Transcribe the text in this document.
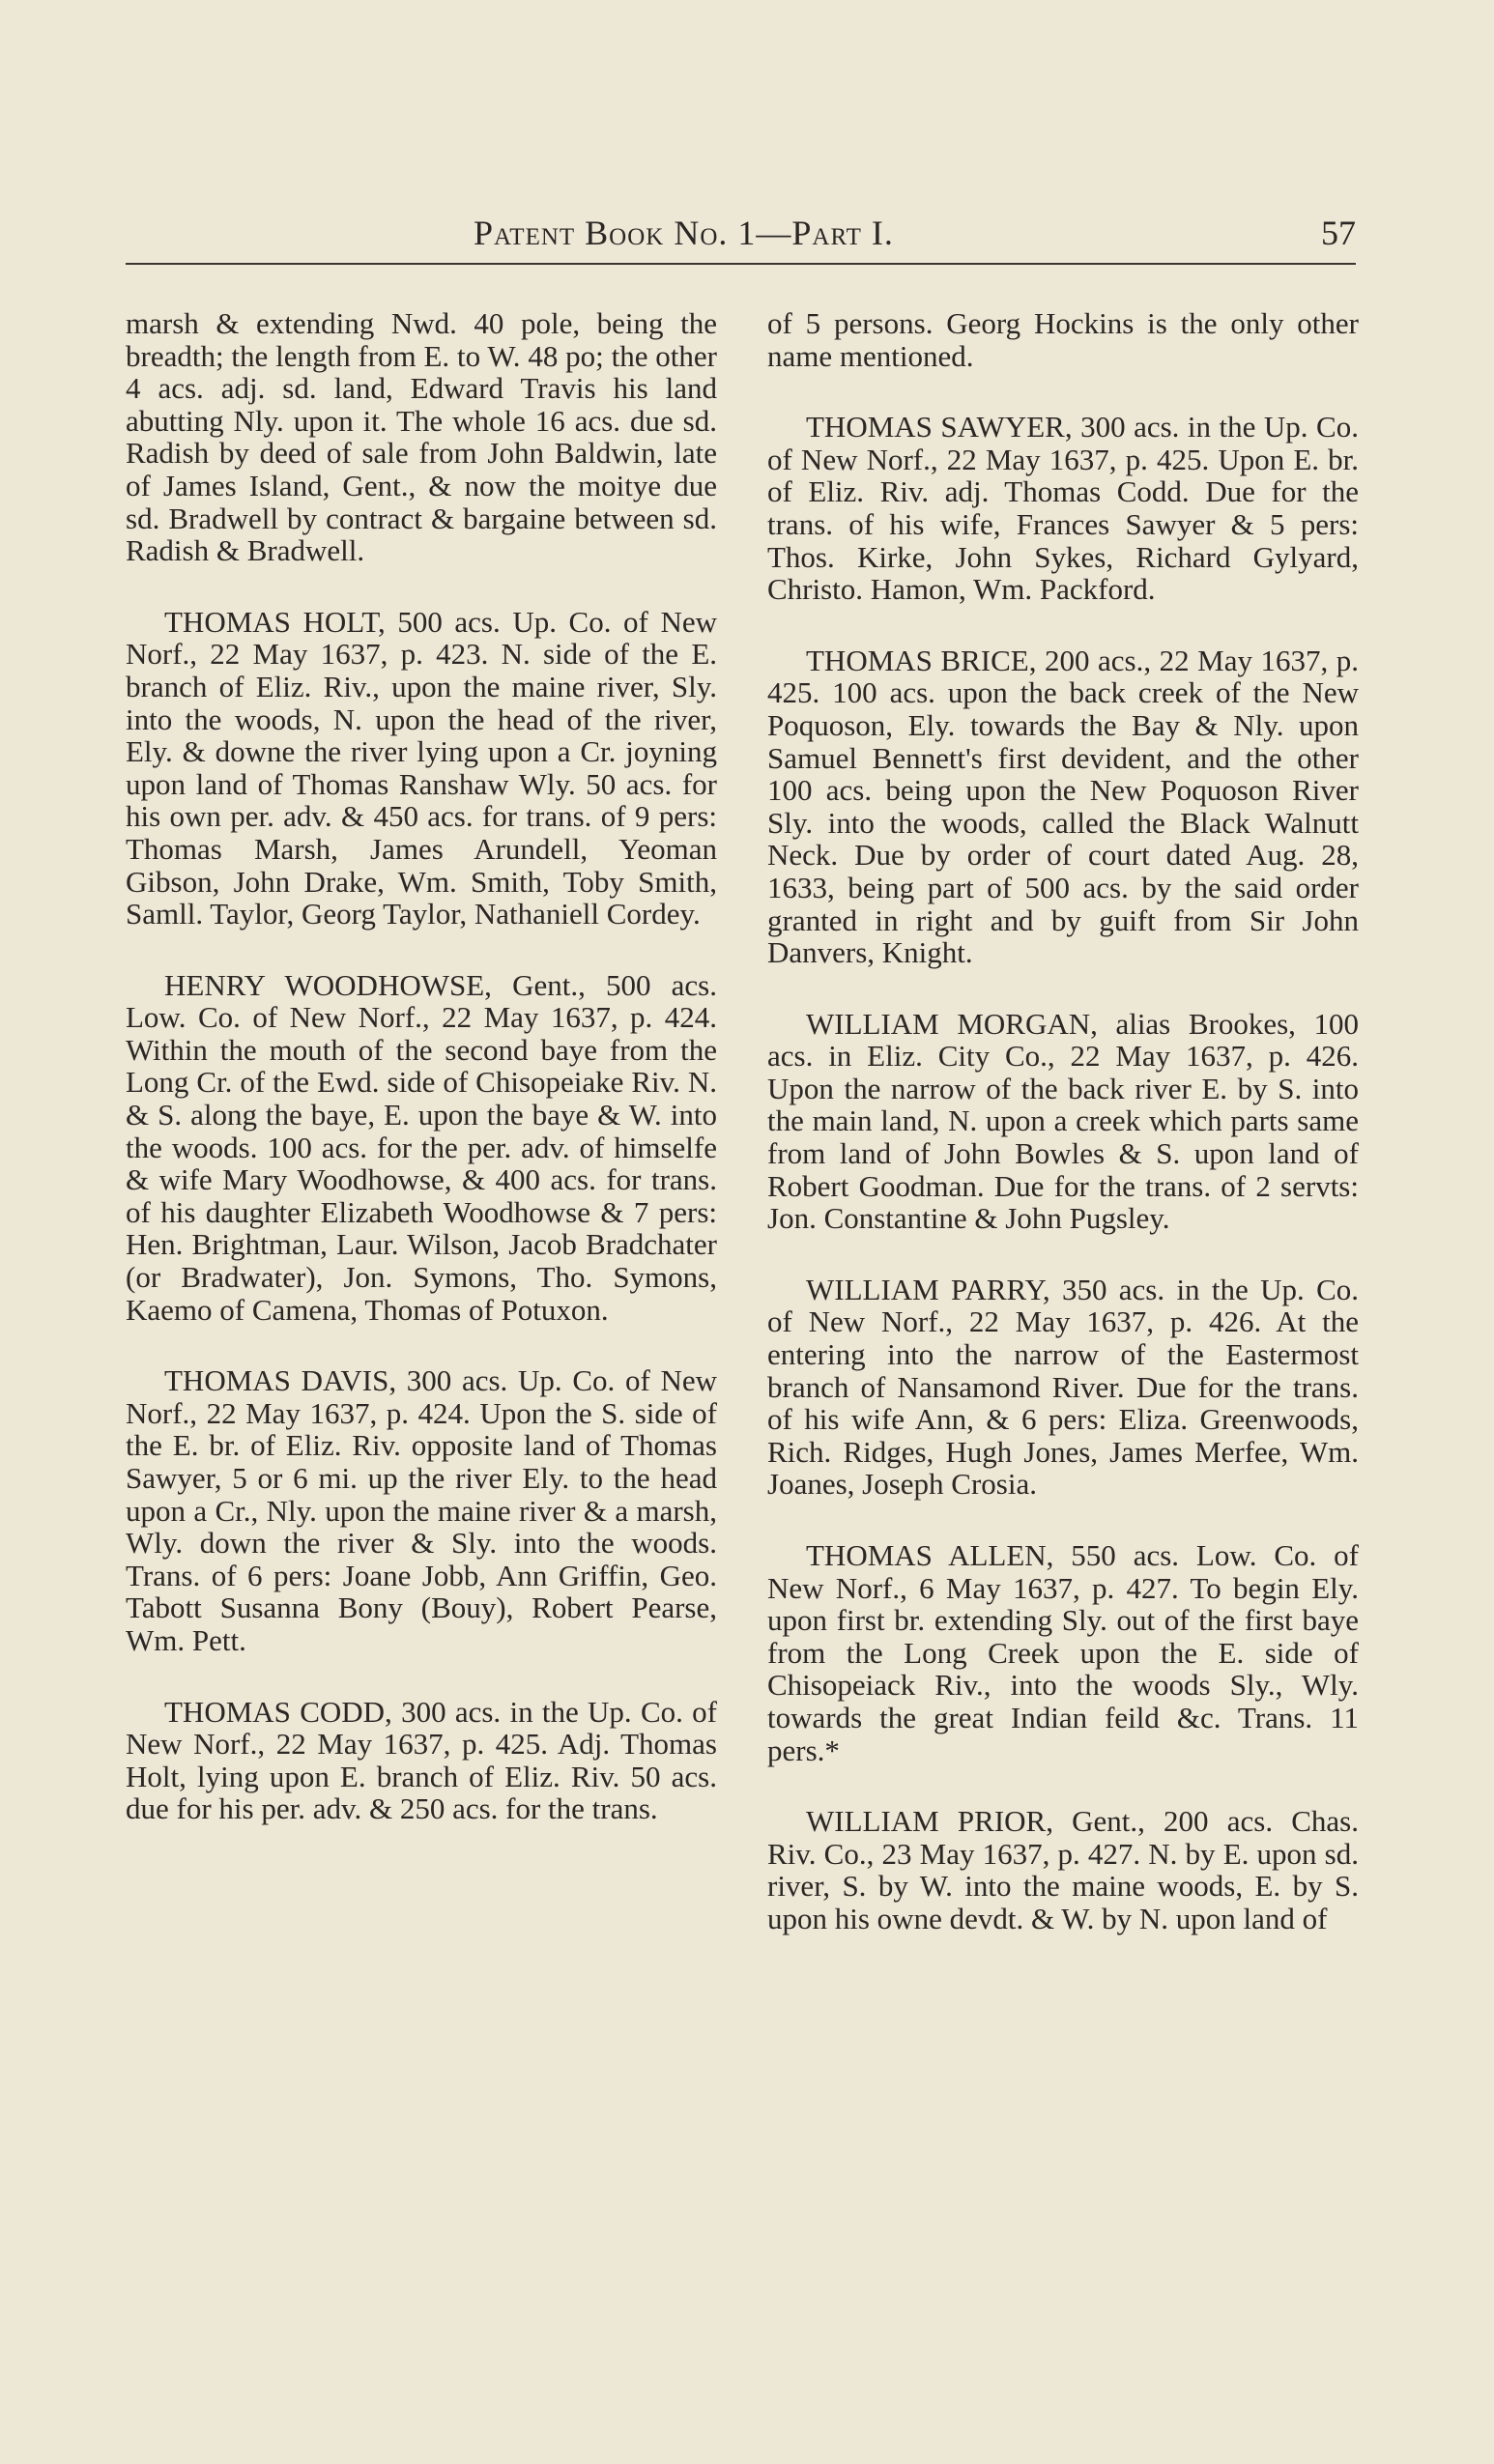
Patent Book No. 1—Part I.	57

marsh & extending Nwd. 40 pole, being the breadth; the length from E. to W. 48 po; the other 4 acs. adj. sd. land, Edward Travis his land abutting Nly. upon it. The whole 16 acs. due sd. Radish by deed of sale from John Baldwin, late of James Island, Gent., & now the moitye due sd. Bradwell by contract & bargaine between sd. Radish & Bradwell.

THOMAS HOLT, 500 acs. Up. Co. of New Norf., 22 May 1637, p. 423. N. side of the E. branch of Eliz. Riv., upon the maine river, Sly. into the woods, N. upon the head of the river, Ely. & downe the river lying upon a Cr. joyning upon land of Thomas Ranshaw Wly. 50 acs. for his own per. adv. & 450 acs. for trans. of 9 pers: Thomas Marsh, James Arundell, Yeoman Gibson, John Drake, Wm. Smith, Toby Smith, Samll. Taylor, Georg Taylor, Nathaniell Cordey.

HENRY WOODHOWSE, Gent., 500 acs. Low. Co. of New Norf., 22 May 1637, p. 424. Within the mouth of the second baye from the Long Cr. of the Ewd. side of Chisopeiake Riv. N. & S. along the baye, E. upon the baye & W. into the woods. 100 acs. for the per. adv. of himselfe & wife Mary Woodhowse, & 400 acs. for trans. of his daughter Elizabeth Woodhowse & 7 pers: Hen. Brightman, Laur. Wilson, Jacob Bradchater (or Bradwater), Jon. Symons, Tho. Symons, Kaemo of Camena, Thomas of Potuxon.

THOMAS DAVIS, 300 acs. Up. Co. of New Norf., 22 May 1637, p. 424. Upon the S. side of the E. br. of Eliz. Riv. opposite land of Thomas Sawyer, 5 or 6 mi. up the river Ely. to the head upon a Cr., Nly. upon the maine river & a marsh, Wly. down the river & Sly. into the woods. Trans. of 6 pers: Joane Jobb, Ann Griffin, Geo. Tabott Susanna Bony (Bouy), Robert Pearse, Wm. Pett.

THOMAS CODD, 300 acs. in the Up. Co. of New Norf., 22 May 1637, p. 425. Adj. Thomas Holt, lying upon E. branch of Eliz. Riv. 50 acs. due for his per. adv. & 250 acs. for the trans.

of 5 persons. Georg Hockins is the only other name mentioned.

THOMAS SAWYER, 300 acs. in the Up. Co. of New Norf., 22 May 1637, p. 425. Upon E. br. of Eliz. Riv. adj. Thomas Codd. Due for the trans. of his wife, Frances Sawyer & 5 pers: Thos. Kirke, John Sykes, Richard Gylyard, Christo. Hamon, Wm. Packford.

THOMAS BRICE, 200 acs., 22 May 1637, p. 425. 100 acs. upon the back creek of the New Poquoson, Ely. towards the Bay & Nly. upon Samuel Bennett's first devident, and the other 100 acs. being upon the New Poquoson River Sly. into the woods, called the Black Walnutt Neck. Due by order of court dated Aug. 28, 1633, being part of 500 acs. by the said order granted in right and by guift from Sir John Danvers, Knight.

WILLIAM MORGAN, alias Brookes, 100 acs. in Eliz. City Co., 22 May 1637, p. 426. Upon the narrow of the back river E. by S. into the main land, N. upon a creek which parts same from land of John Bowles & S. upon land of Robert Goodman. Due for the trans. of 2 servts: Jon. Constantine & John Pugsley.

WILLIAM PARRY, 350 acs. in the Up. Co. of New Norf., 22 May 1637, p. 426. At the entering into the narrow of the Eastermost branch of Nansamond River. Due for the trans. of his wife Ann, & 6 pers: Eliza. Greenwoods, Rich. Ridges, Hugh Jones, James Merfee, Wm. Joanes, Joseph Crosia.

THOMAS ALLEN, 550 acs. Low. Co. of New Norf., 6 May 1637, p. 427. To begin Ely. upon first br. extending Sly. out of the first baye from the Long Creek upon the E. side of Chisopeiack Riv., into the woods Sly., Wly. towards the great Indian feild &c. Trans. 11 pers.*

WILLIAM PRIOR, Gent., 200 acs. Chas. Riv. Co., 23 May 1637, p. 427. N. by E. upon sd. river, S. by W. into the maine woods, E. by S. upon his owne devdt. & W. by N. upon land of
